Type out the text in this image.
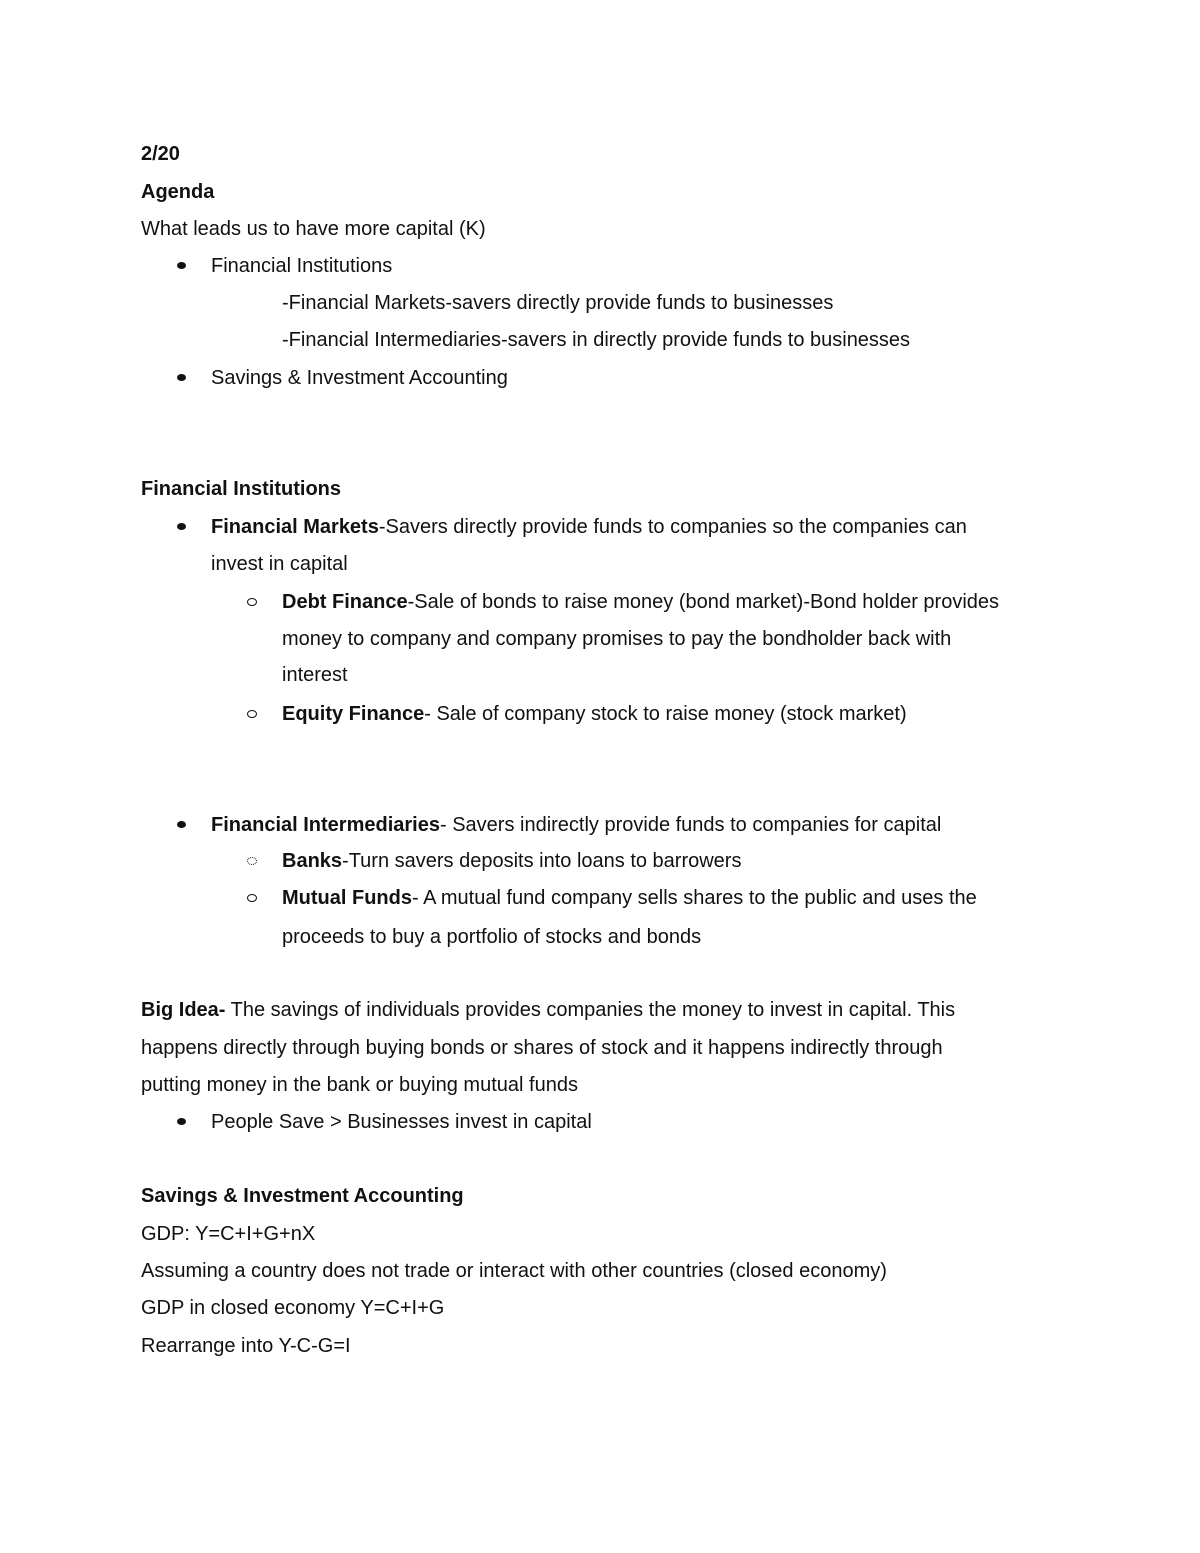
2/20
Agenda
What leads us to have more capital (K)
Financial Institutions
-Financial Markets-savers directly provide funds to businesses
-Financial Intermediaries-savers in directly provide funds to businesses
Savings & Investment Accounting
Financial Institutions
Financial Markets-Savers directly provide funds to companies so the companies can
invest in capital
Debt Finance-Sale of bonds to raise money (bond market)-Bond holder provides
money to company and company promises to pay the bondholder back with
interest
Equity Finance- Sale of company stock to raise money (stock market)
Financial Intermediaries- Savers indirectly provide funds to companies for capital
Banks-Turn savers deposits into loans to barrowers
Mutual Funds- A mutual fund company sells shares to the public and uses the
proceeds to buy a portfolio of stocks and bonds
Big Idea- The savings of individuals provides companies the money to invest in capital. This
happens directly through buying bonds or shares of stock and it happens indirectly through
putting money in the bank or buying mutual funds
People Save > Businesses invest in capital
Savings & Investment Accounting
GDP: Y=C+I+G+nX
Assuming a country does not trade or interact with other countries (closed economy)
GDP in closed economy Y=C+I+G
Rearrange into Y-C-G=I
